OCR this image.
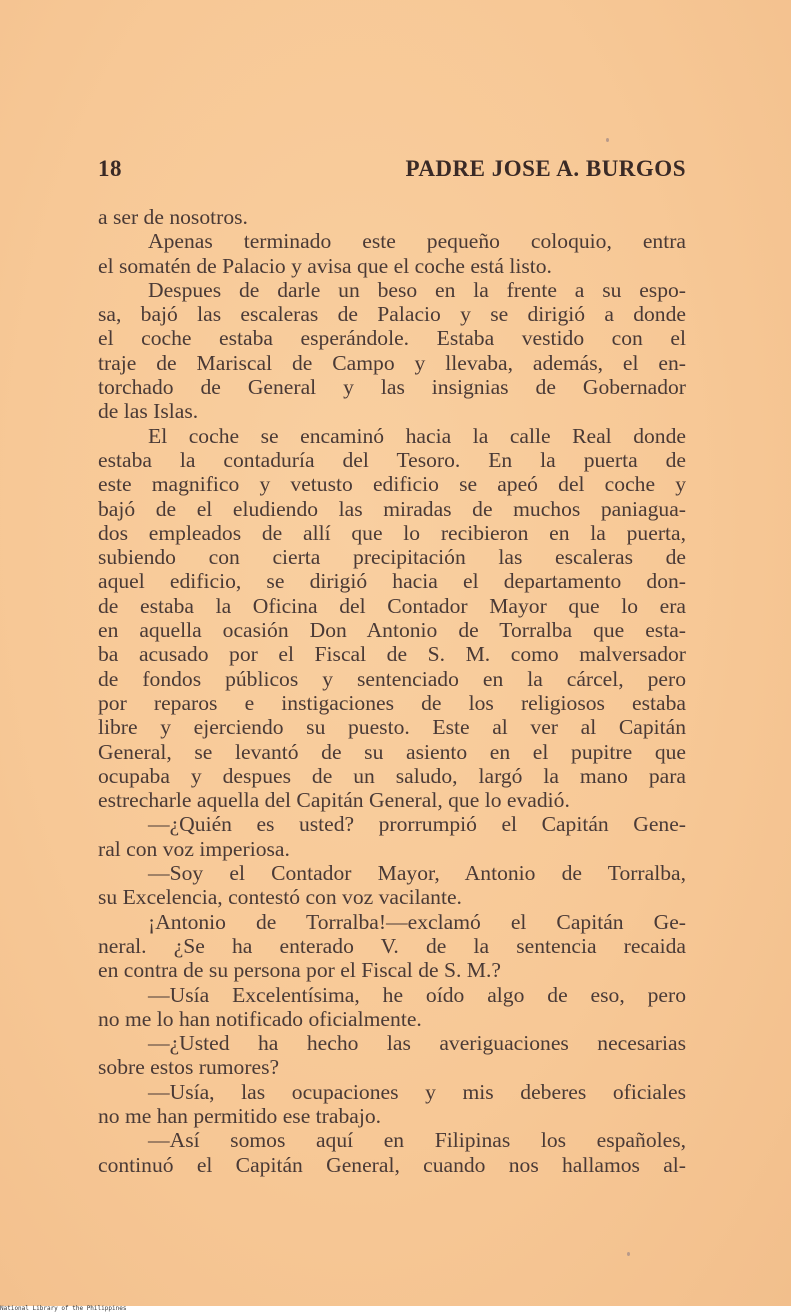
18	PADRE JOSE A. BURGOS
a ser de nosotros.
Apenas terminado este pequeño coloquio, entra
el somatén de Palacio y avisa que el coche está listo.
Despues de darle un beso en la frente a su espo-
sa, bajó las escaleras de Palacio y se dirigió a donde
el coche estaba esperándole. Estaba vestido con el
traje de Mariscal de Campo y llevaba, además, el en-
torchado de General y las insignias de Gobernador
de las Islas.
El coche se encaminó hacia la calle Real donde
estaba la contaduría del Tesoro. En la puerta de
este magnifico y vetusto edificio se apeó del coche y
bajó de el eludiendo las miradas de muchos paniagua-
dos empleados de allí que lo recibieron en la puerta,
subiendo con cierta precipitación las escaleras de
aquel edificio, se dirigió hacia el departamento don-
de estaba la Oficina del Contador Mayor que lo era
en aquella ocasión Don Antonio de Torralba que esta-
ba acusado por el Fiscal de S. M. como malversador
de fondos públicos y sentenciado en la cárcel, pero
por reparos e instigaciones de los religiosos estaba
libre y ejerciendo su puesto. Este al ver al Capitán
General, se levantó de su asiento en el pupitre que
ocupaba y despues de un saludo, largó la mano para
estrecharle aquella del Capitán General, que lo evadió.
—¿Quién es usted? prorrumpió el Capitán Gene-
ral con voz imperiosa.
—Soy el Contador Mayor, Antonio de Torralba,
su Excelencia, contestó con voz vacilante.
¡Antonio de Torralba!—exclamó el Capitán Ge-
neral. ¿Se ha enterado V. de la sentencia recaida
en contra de su persona por el Fiscal de S. M.?
—Usía Excelentísima, he oído algo de eso, pero
no me lo han notificado oficialmente.
—¿Usted ha hecho las averiguaciones necesarias
sobre estos rumores?
—Usía, las ocupaciones y mis deberes oficiales
no me han permitido ese trabajo.
—Así somos aquí en Filipinas los españoles,
continuó el Capitán General, cuando nos hallamos al-
National Library of the Philippines
